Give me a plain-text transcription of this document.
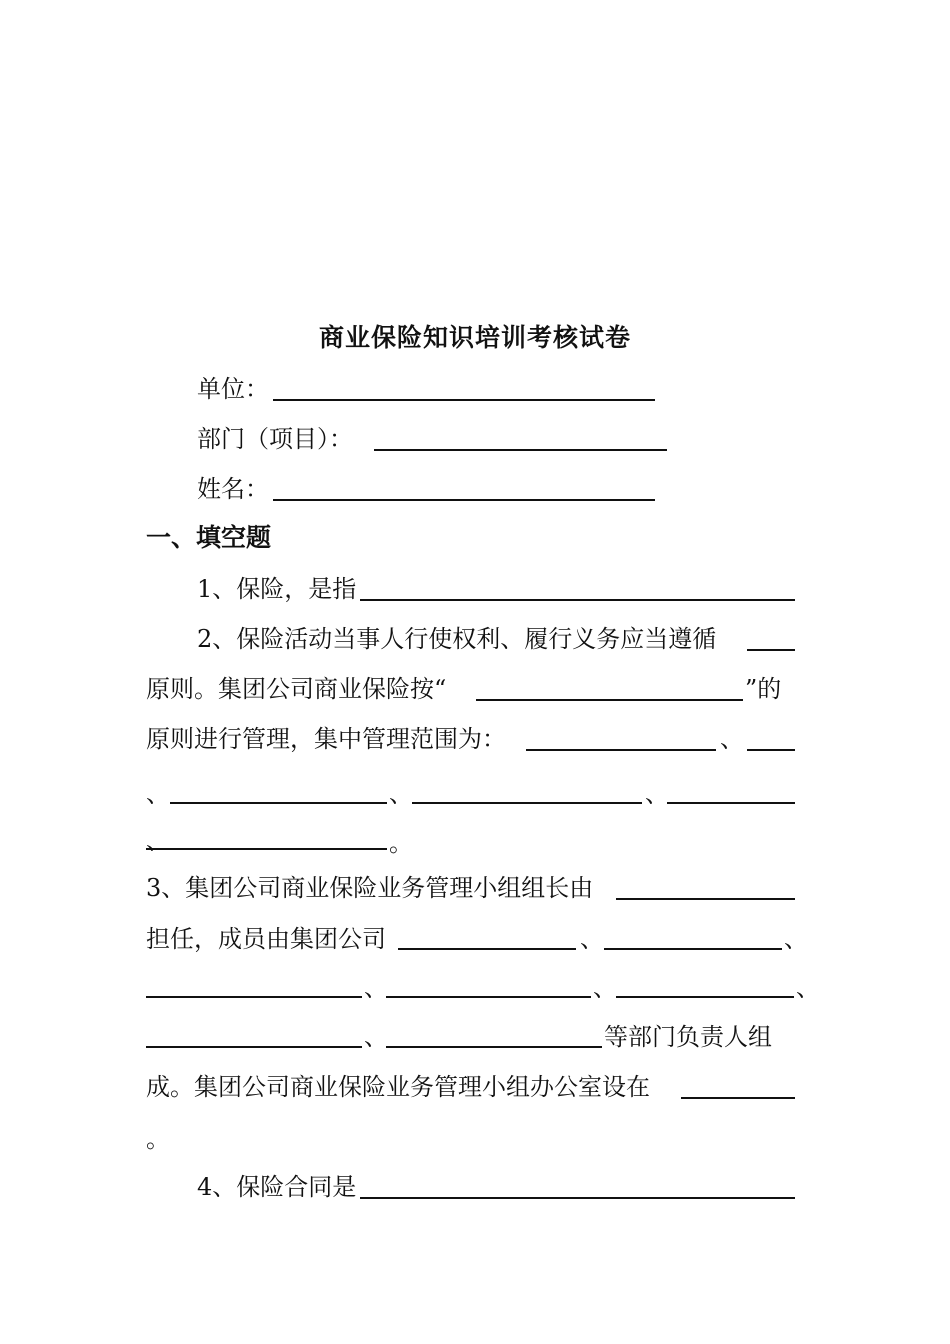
商业保险知识培训考核试卷
单位：
部门（项目）：
姓名：
一、填空题
1、保险，是指
2、保险活动当事人行使权利、履行义务应当遵循
原则。集团公司商业保险按“	”的
原则进行管理，集中管理范围为：	、
、	、	、
、	。
3、集团公司商业保险业务管理小组组长由
担任，成员由集团公司	、	、
、	、	、
、	等部门负责人组
成。集团公司商业保险业务管理小组办公室设在
。
4、保险合同是
